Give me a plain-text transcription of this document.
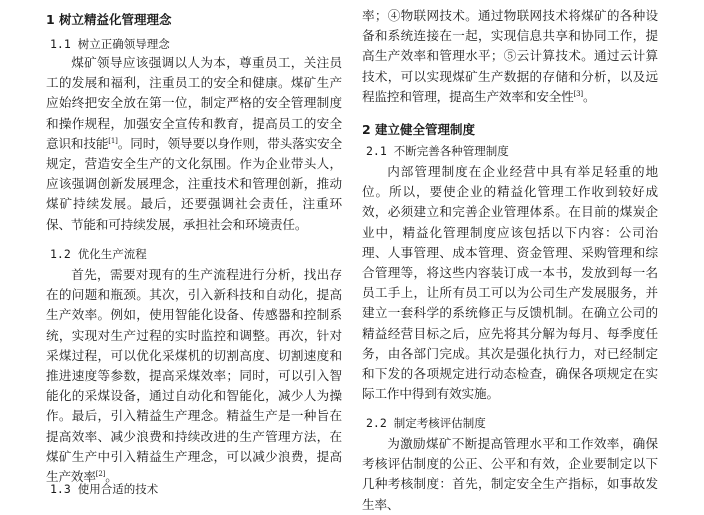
1 树立精益化管理理念
1.1 树立正确领导理念

煤矿领导应该强调以人为本，尊重员工，关注员工的发展和福利，注重员工的安全和健康。煤矿生产应始终把安全放在第一位，制定严格的安全管理制度和操作规程，加强安全宣传和教育，提高员工的安全意识和技能[1]。同时，领导要以身作则，带头落实安全规定，营造安全生产的文化氛围。作为企业带头人，应该强调创新发展理念，注重技术和管理创新，推动煤矿持续发展。最后，还要强调社会责任，注重环保、节能和可持续发展，承担社会和环境责任。

1.2 优化生产流程

首先，需要对现有的生产流程进行分析，找出存在的问题和瓶颈。其次，引入新科技和自动化，提高生产效率。例如，使用智能化设备、传感器和控制系统，实现对生产过程的实时监控和调整。再次，针对采煤过程，可以优化采煤机的切割高度、切割速度和推进速度等参数，提高采煤效率；同时，可以引入智能化的采煤设备，通过自动化和智能化，减少人为操作。最后，引入精益生产理念。精益生产是一种旨在提高效率、减少浪费和持续改进的生产管理方法，在煤矿生产中引入精益生产理念，可以减少浪费，提高生产效率[2]。

1.3 使用合适的技术

率；④物联网技术。通过物联网技术将煤矿的各种设备和系统连接在一起，实现信息共享和协同工作，提高生产效率和管理水平；⑤云计算技术。通过云计算技术，可以实现煤矿生产数据的存储和分析，以及远程监控和管理，提高生产效率和安全性[3]。

2 建立健全管理制度
2.1 不断完善各种管理制度

内部管理制度在企业经营中具有举足轻重的地位。所以，要使企业的精益化管理工作收到较好成效，必须建立和完善企业管理体系。在目前的煤炭企业中，精益化管理制度应该包括以下内容：公司治理、人事管理、成本管理、资金管理、采购管理和综合管理等，将这些内容装订成一本书，发放到每一名员工手上，让所有员工可以为公司生产发展服务，并建立一套科学的系统修正与反馈机制。在确立公司的精益经营目标之后，应先将其分解为每月、每季度任务，由各部门完成。其次是强化执行力，对已经制定和下发的各项规定进行动态检查，确保各项规定在实际工作中得到有效实施。

2.2 制定考核评估制度

为激励煤矿不断提高管理水平和工作效率，确保考核评估制度的公正、公平和有效，企业要制定以下几种考核制度：首先，制定安全生产指标，如事故发生率、
